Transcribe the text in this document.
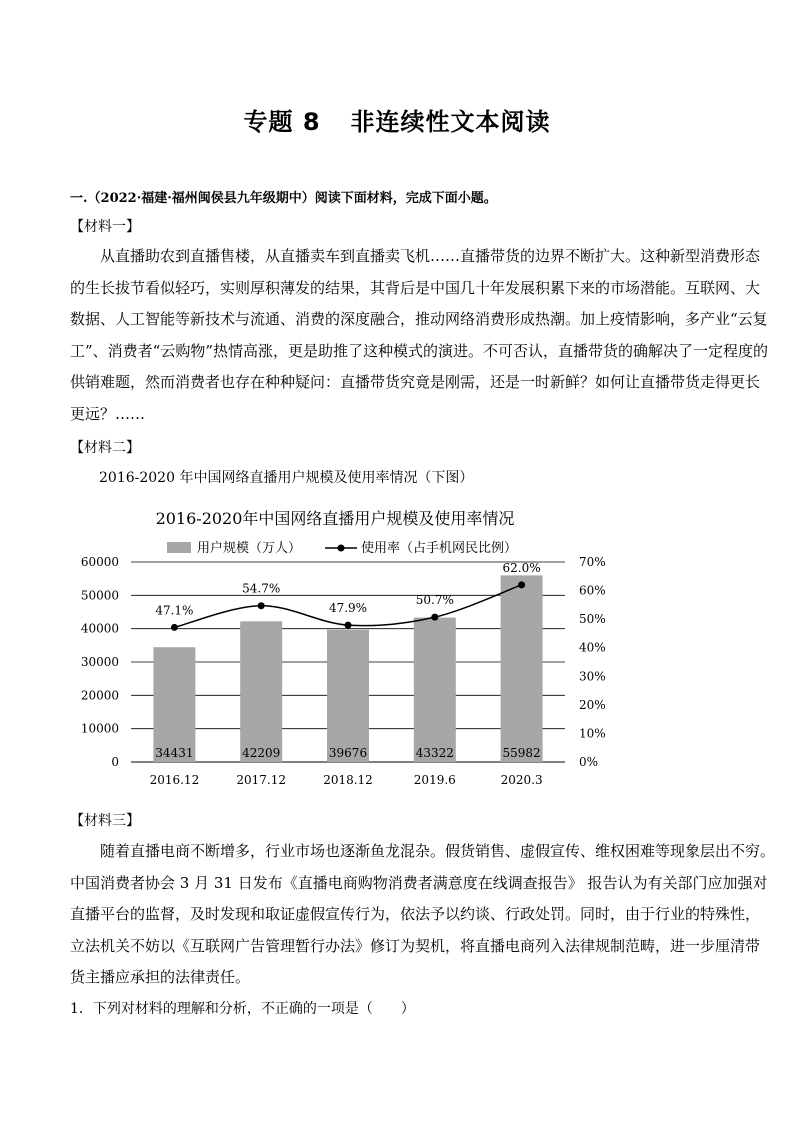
专题 8 非连续性文本阅读
一.（2022·福建·福州闽侯县九年级期中）阅读下面材料，完成下面小题。
【材料一】
从直播助农到直播售楼，从直播卖车到直播卖飞机……直播带货的边界不断扩大。这种新型消费形态
的生长拔节看似轻巧，实则厚积薄发的结果，其背后是中国几十年发展积累下来的市场潜能。互联网、大
数据、人工智能等新技术与流通、消费的深度融合，推动网络消费形成热潮。加上疫情影响，多产业“云复
工”、消费者“云购物”热情高涨，更是助推了这种模式的演进。不可否认，直播带货的确解决了一定程度的
供销难题，然而消费者也存在种种疑问：直播带货究竟是刚需，还是一时新鲜？如何让直播带货走得更长
更远？……
【材料二】
2016-2020 年中国网络直播用户规模及使用率情况（下图）
2016-2020年中国网络直播用户规模及使用率情况
用户规模（万人）	使用率（占手机网民比例）
34431	42209	39676	43322	55982
0
10000
20000
30000
40000
50000
60000
0%
10%
20%
30%
40%
50%
60%
70%
2016.12	2017.12	2018.12	2019.6	2020.3
47.1%
54.7%
47.9%
50.7%
62.0%
【材料三】
随着直播电商不断增多，行业市场也逐渐鱼龙混杂。假货销售、虚假宣传、维权困难等现象层出不穷。
中国消费者协会 3 月 31 日发布《直播电商购物消费者满意度在线调查报告》 报告认为有关部门应加强对
直播平台的监督，及时发现和取证虚假宣传行为，依法予以约谈、行政处罚。同时，由于行业的特殊性，
立法机关不妨以《互联网广告管理暂行办法》修订为契机，将直播电商列入法律规制范畴，进一步厘清带
货主播应承担的法律责任。
1．下列对材料的理解和分析，不正确的一项是（　　）
